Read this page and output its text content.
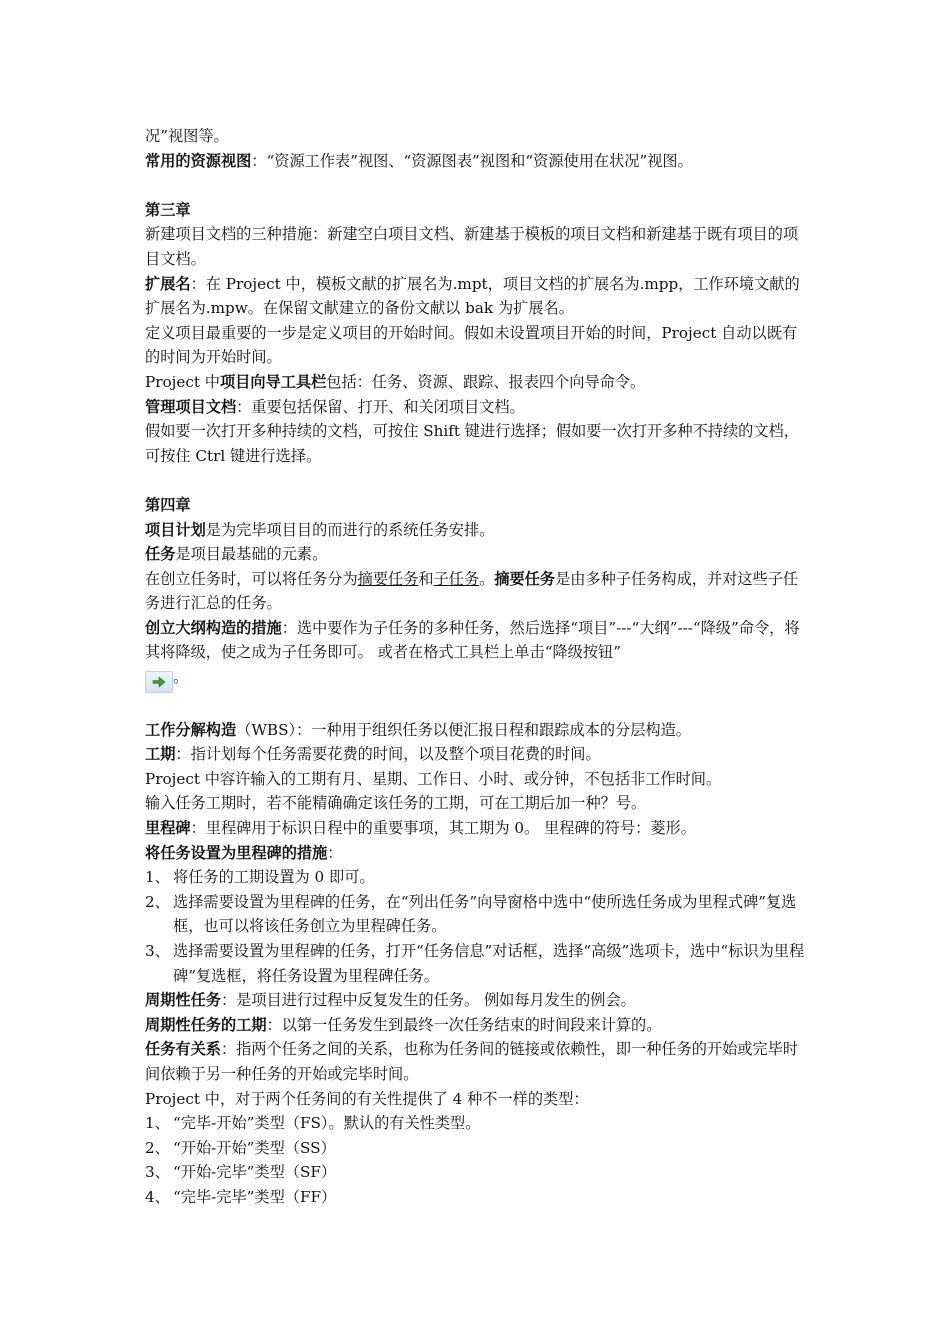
况”视图等。

常用的资源视图：“资源工作表”视图、“资源图表”视图和“资源使用在状况”视图。

第三章

新建项目文档的三种措施：新建空白项目文档、新建基于模板的项目文档和新建基于既有项目的项目文档。

扩展名：在 Project 中，模板文献的扩展名为.mpt，项目文档的扩展名为.mpp，工作环境文献的扩展名为.mpw。在保留文献建立的备份文献以 bak 为扩展名。

定义项目最重要的一步是定义项目的开始时间。假如未设置项目开始的时间，Project 自动以既有的时间为开始时间。

Project 中项目向导工具栏包括：任务、资源、跟踪、报表四个向导命令。

管理项目文档：重要包括保留、打开、和关闭项目文档。

假如要一次打开多种持续的文档，可按住 Shift 键进行选择；假如要一次打开多种不持续的文档，可按住 Ctrl 键进行选择。

第四章

项目计划是为完毕项目目的而进行的系统任务安排。

任务是项目最基础的元素。

在创立任务时，可以将任务分为摘要任务和子任务。摘要任务是由多种子任务构成，并对这些子任务进行汇总的任务。

创立大纲构造的措施：选中要作为子任务的多种任务，然后选择“项目”---“大纲”---“降级”命令，将其将降级，使之成为子任务即可。 或者在格式工具栏上单击“降级按钮”
。

工作分解构造（WBS）：一种用于组织任务以便汇报日程和跟踪成本的分层构造。

工期：指计划每个任务需要花费的时间，以及整个项目花费的时间。

Project 中容许输入的工期有月、星期、工作日、小时、或分钟，不包括非工作时间。

输入任务工期时，若不能精确确定该任务的工期，可在工期后加一种？号。

里程碑：里程碑用于标识日程中的重要事项，其工期为 0。 里程碑的符号：菱形。

将任务设置为里程碑的措施：

1、 将任务的工期设置为 0 即可。
2、 选择需要设置为里程碑的任务，在“列出任务”向导窗格中选中“使所选任务成为里程式碑”复选框，也可以将该任务创立为里程碑任务。
3、 选择需要设置为里程碑的任务，打开“任务信息”对话框，选择“高级”选项卡，选中“标识为里程碑”复选框，将任务设置为里程碑任务。

周期性任务：是项目进行过程中反复发生的任务。 例如每月发生的例会。

周期性任务的工期：以第一任务发生到最终一次任务结束的时间段来计算的。

任务有关系：指两个任务之间的关系，也称为任务间的链接或依赖性，即一种任务的开始或完毕时间依赖于另一种任务的开始或完毕时间。

Project 中，对于两个任务间的有关性提供了 4 种不一样的类型：

1、 “完毕-开始”类型（FS）。默认的有关性类型。
2、 “开始-开始”类型（SS）
3、 “开始-完毕”类型（SF）
4、 “完毕-完毕”类型（FF）
